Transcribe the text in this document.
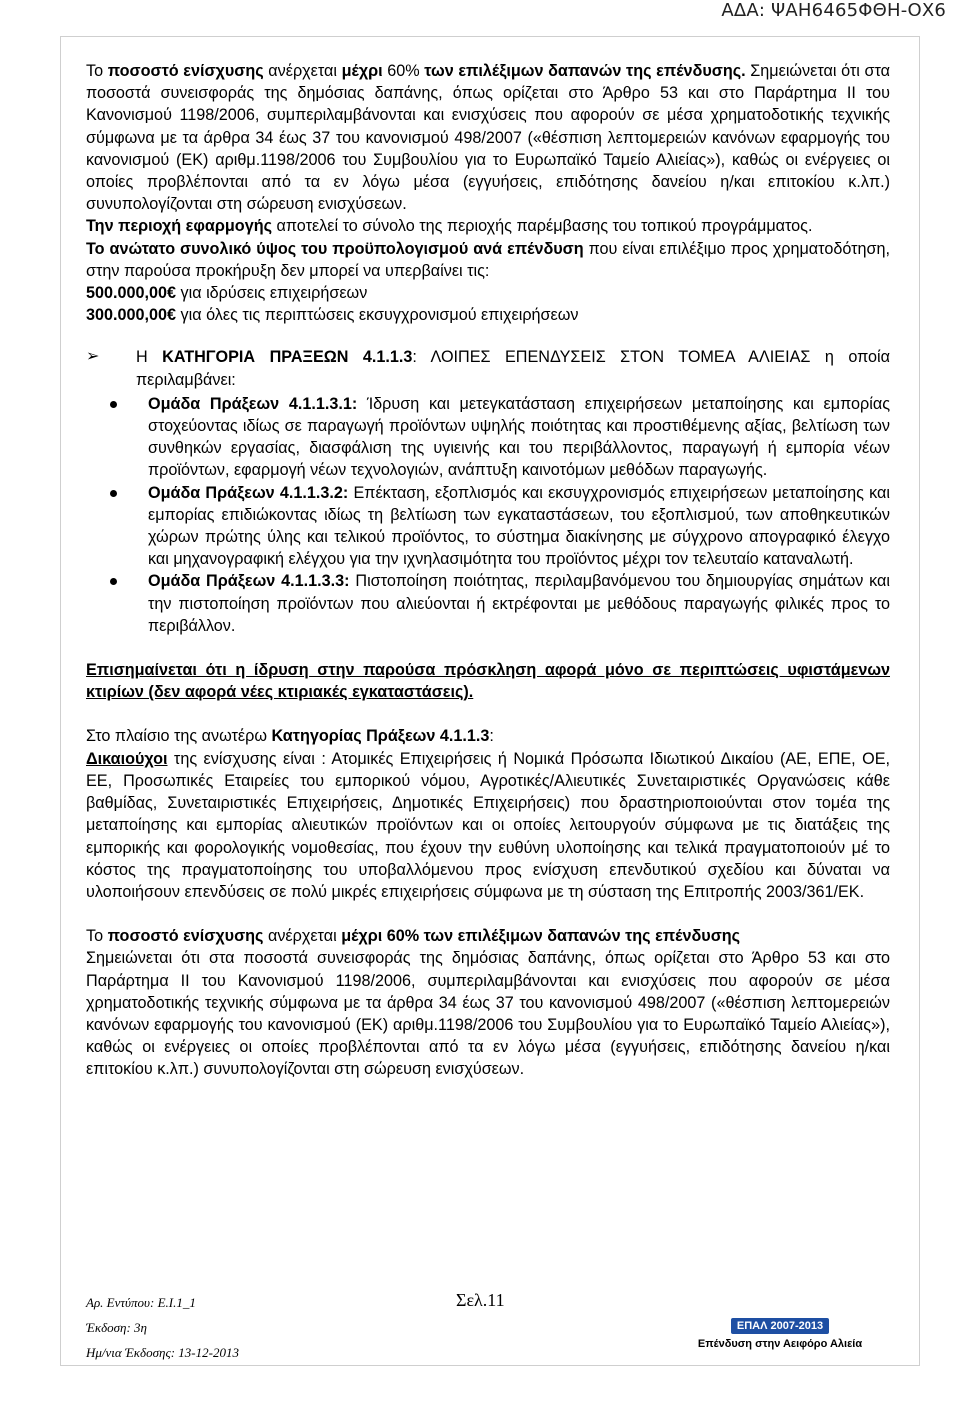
ΑΔΑ: ΨΑΗ6465ΦΘΗ-ΟΧ6

Το ποσοστό ενίσχυσης ανέρχεται μέχρι 60% των επιλέξιμων δαπανών της επένδυσης. Σημειώνεται ότι στα ποσοστά συνεισφοράς της δημόσιας δαπάνης, όπως ορίζεται στο Άρθρο 53 και στο Παράρτημα ΙΙ του Κανονισμού 1198/2006, συμπεριλαμβάνονται και ενισχύσεις που αφορούν σε μέσα χρηματοδοτικής τεχνικής σύμφωνα με τα άρθρα 34 έως 37 του κανονισμού 498/2007 («θέσπιση λεπτομερειών κανόνων εφαρμογής του κανονισμού (ΕΚ) αριθμ.1198/2006 του Συμβουλίου για το Ευρωπαϊκό Ταμείο Αλιείας»), καθώς οι ενέργειες οι οποίες προβλέπονται από τα εν λόγω μέσα (εγγυήσεις, επιδότησης δανείου η/και επιτοκίου κ.λπ.) συνυπολογίζονται στη σώρευση ενισχύσεων.

Την περιοχή εφαρμογής αποτελεί το σύνολο της περιοχής παρέμβασης του τοπικού προγράμματος.

Το ανώτατο συνολικό ύψος του προϋπολογισμού ανά επένδυση που είναι επιλέξιμο προς χρηματοδότηση, στην παρούσα προκήρυξη δεν μπορεί να υπερβαίνει τις:

500.000,00€ για ιδρύσεις επιχειρήσεων

300.000,00€ για όλες τις περιπτώσεις εκσυγχρονισμού επιχειρήσεων

➢ Η ΚΑΤΗΓΟΡΙΑ ΠΡΑΞΕΩΝ 4.1.1.3: ΛΟΙΠΕΣ ΕΠΕΝΔΥΣΕΙΣ ΣΤΟΝ ΤΟΜΕΑ ΑΛΙΕΙΑΣ η οποία περιλαμβάνει:
Ομάδα Πράξεων 4.1.1.3.1: Ίδρυση και μετεγκατάσταση επιχειρήσεων μεταποίησης και εμπορίας στοχεύοντας ιδίως σε παραγωγή προϊόντων υψηλής ποιότητας και προστιθέμενης αξίας, βελτίωση των συνθηκών εργασίας, διασφάλιση της υγιεινής και του περιβάλλοντος, παραγωγή ή εμπορία νέων προϊόντων, εφαρμογή νέων τεχνολογιών, ανάπτυξη καινοτόμων μεθόδων παραγωγής.
Ομάδα Πράξεων 4.1.1.3.2: Επέκταση, εξοπλισμός και εκσυγχρονισμός επιχειρήσεων μεταποίησης και εμπορίας επιδιώκοντας ιδίως τη βελτίωση των εγκαταστάσεων, του εξοπλισμού, των αποθηκευτικών χώρων πρώτης ύλης και τελικού προϊόντος, το σύστημα διακίνησης με σύγχρονο απογραφικό έλεγχο και μηχανογραφική ελέγχου για την ιχνηλασιμότητα του προϊόντος μέχρι τον τελευταίο καταναλωτή.
Ομάδα Πράξεων 4.1.1.3.3: Πιστοποίηση ποιότητας, περιλαμβανόμενου του δημιουργίας σημάτων και την πιστοποίηση προϊόντων που αλιεύονται ή εκτρέφονται με μεθόδους παραγωγής φιλικές προς το περιβάλλον.

Επισημαίνεται ότι η ίδρυση στην παρούσα πρόσκληση αφορά μόνο σε περιπτώσεις υφιστάμενων κτιρίων (δεν αφορά νέες κτιριακές εγκαταστάσεις).

Στο πλαίσιο της ανωτέρω Κατηγορίας Πράξεων 4.1.1.3:

Δικαιούχοι της ενίσχυσης είναι : Ατομικές Επιχειρήσεις ή Νομικά Πρόσωπα Ιδιωτικού Δικαίου (ΑΕ, ΕΠΕ, ΟΕ, ΕΕ, Προσωπικές Εταιρείες του εμπορικού νόμου, Αγροτικές/Αλιευτικές Συνεταιριστικές Οργανώσεις κάθε βαθμίδας, Συνεταιριστικές Επιχειρήσεις, Δημοτικές Επιχειρήσεις) που δραστηριοποιούνται στον τομέα της μεταποίησης και εμπορίας αλιευτικών προϊόντων και οι οποίες λειτουργούν σύμφωνα με τις διατάξεις της εμπορικής και φορολογικής νομοθεσίας, που έχουν την ευθύνη υλοποίησης και τελικά πραγματοποιούν μέ το κόστος της πραγματοποίησης του υποβαλλόμενου προς ενίσχυση επενδυτικού σχεδίου και δύναται να υλοποιήσουν επενδύσεις σε πολύ μικρές επιχειρήσεις σύμφωνα με τη σύσταση της Επιτροπής 2003/361/ΕΚ.

Το ποσοστό ενίσχυσης ανέρχεται μέχρι 60% των επιλέξιμων δαπανών της επένδυσης

Σημειώνεται ότι στα ποσοστά συνεισφοράς της δημόσιας δαπάνης, όπως ορίζεται στο Άρθρο 53 και στο Παράρτημα ΙΙ του Κανονισμού 1198/2006, συμπεριλαμβάνονται και ενισχύσεις που αφορούν σε μέσα χρηματοδοτικής τεχνικής σύμφωνα με τα άρθρα 34 έως 37 του κανονισμού 498/2007 («θέσπιση λεπτομερειών κανόνων εφαρμογής του κανονισμού (ΕΚ) αριθμ.1198/2006 του Συμβουλίου για το Ευρωπαϊκό Ταμείο Αλιείας»), καθώς οι ενέργειες οι οποίες προβλέπονται από τα εν λόγω μέσα (εγγυήσεις, επιδότησης δανείου η/και επιτοκίου κ.λπ.) συνυπολογίζονται στη σώρευση ενισχύσεων.

Αρ. Εντύπου: Ε.Ι.1_1
Έκδοση: 3η
Ημ/νια Έκδοσης: 13-12-2013
Σελ.11
ΕΠΑΛ 2007-2013
Επένδυση στην Αειφόρο Αλιεία
